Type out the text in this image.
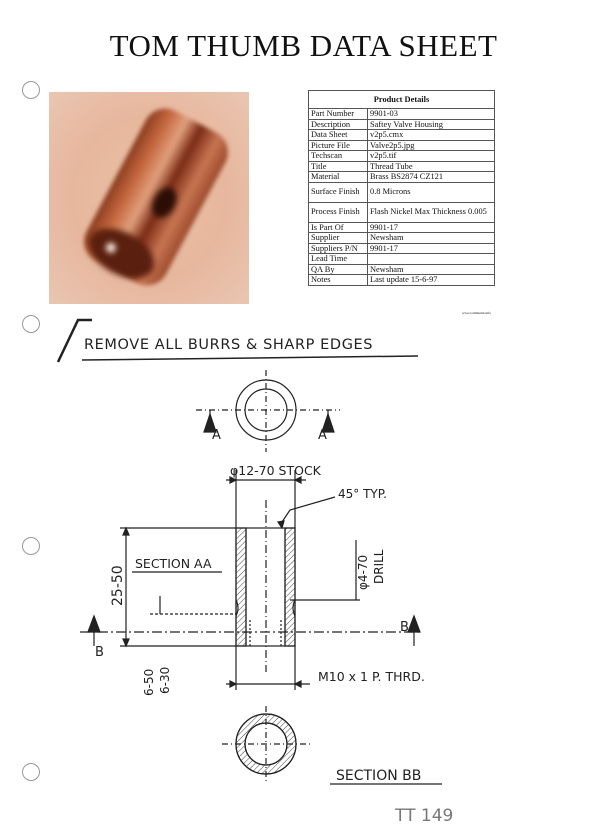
TOM THUMB DATA SHEET
Product Details	
Part Number	9901-03
Description	Saftey Valve Housing
Data Sheet	v2p5.cmx
Picture File	Valve2p5.jpg
Techscan	v2p5.tif
Title	Thread Tube
Material	Brass BS2874 CZ121
Surface Finish	0.8 Microns
Process Finish	Flash Nickel Max Thickness 0.005
Is Part Of	9901-17
Supplier	Newsham
Suppliers P/N	9901-17
Lead Time	
QA By	Newsham
Notes	Last update 15-6-97
www.tomthumb.info
REMOVE ALL BURRS & SHARP EDGES
A	A
φ12-70 STOCK
45° TYP.
SECTION AA	φ4-70 DRILL
25-50
B
B
6-50 6-30	M10 x 1 P. THRD.
SECTION BB
TT 149
